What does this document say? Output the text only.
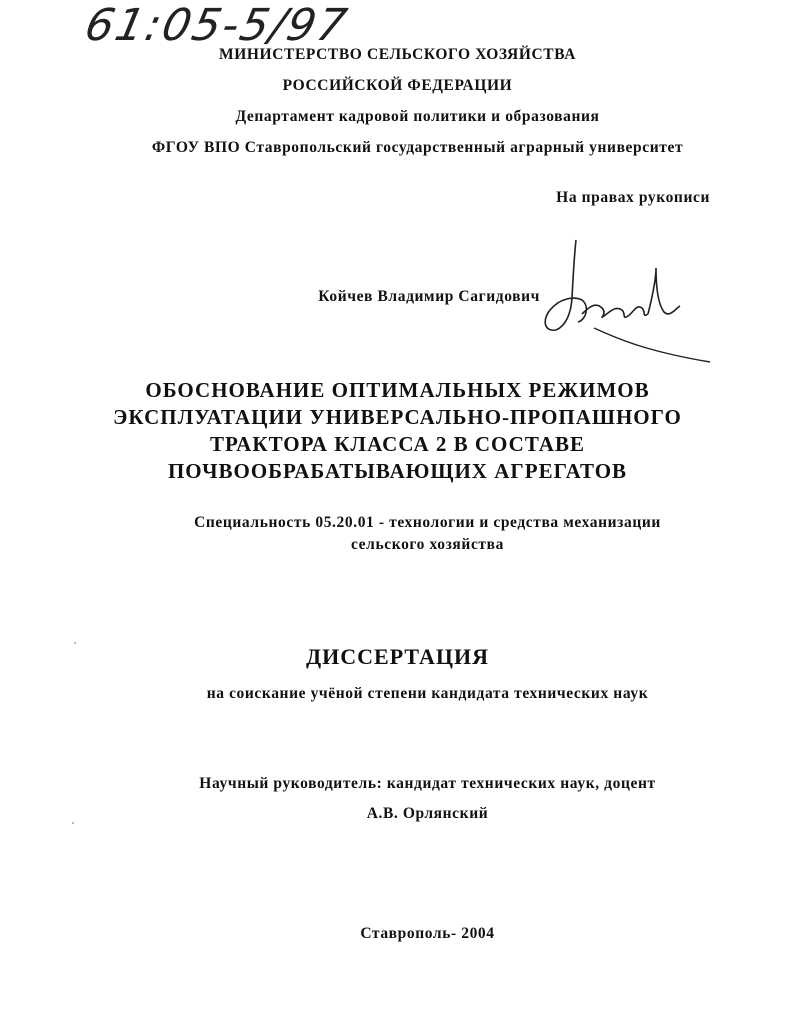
61:05-5/97
МИНИСТЕРСТВО СЕЛЬСКОГО ХОЗЯЙСТВА
РОССИЙСКОЙ ФЕДЕРАЦИИ
Департамент кадровой политики и образования
ФГОУ ВПО Ставропольский государственный аграрный университет
На правах рукописи
Койчев Владимир Сагидович
ОБОСНОВАНИЕ ОПТИМАЛЬНЫХ РЕЖИМОВ
ЭКСПЛУАТАЦИИ УНИВЕРСАЛЬНО-ПРОПАШНОГО
ТРАКТОРА КЛАССА 2 В СОСТАВЕ
ПОЧВООБРАБАТЫВАЮЩИХ АГРЕГАТОВ
Специальность 05.20.01 - технологии и средства механизации
сельского хозяйства
ДИССЕРТАЦИЯ
на соискание учёной степени кандидата технических наук
Научный руководитель: кандидат технических наук, доцент
А.В. Орлянский
Ставрополь- 2004
